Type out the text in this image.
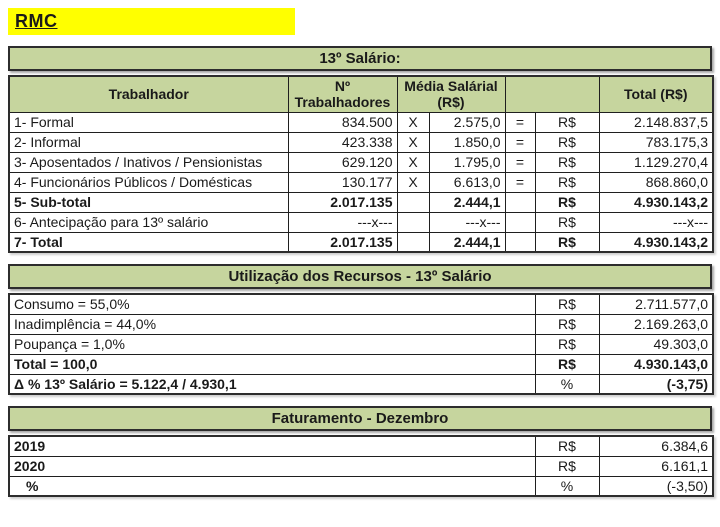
RMC
13º Salário:
Trabalhador	Nº Trabalhadores	Média Salárial (R$)				Total (R$)
1- Formal	834.500	X	2.575,0	=	R$	2.148.837,5
2- Informal	423.338	X	1.850,0	=	R$	783.175,3
3- Aposentados / Inativos / Pensionistas	629.120	X	1.795,0	=	R$	1.129.270,4
4- Funcionários Públicos / Domésticas	130.177	X	6.613,0	=	R$	868.860,0
5- Sub-total	2.017.135		2.444,1		R$	4.930.143,2
6- Antecipação para 13º salário	---x---		---x---		R$	---x---
7- Total	2.017.135		2.444,1		R$	4.930.143,2
Utilização dos Recursos - 13º Salário
Consumo = 55,0%	R$	2.711.577,0
Inadimplência = 44,0%	R$	2.169.263,0
Poupança = 1,0%	R$	49.303,0
Total = 100,0	R$	4.930.143,0
Δ % 13º Salário = 5.122,4 / 4.930,1	%	(-3,75)
Faturamento - Dezembro
2019	R$	6.384,6
2020	R$	6.161,1
%	%	(-3,50)
